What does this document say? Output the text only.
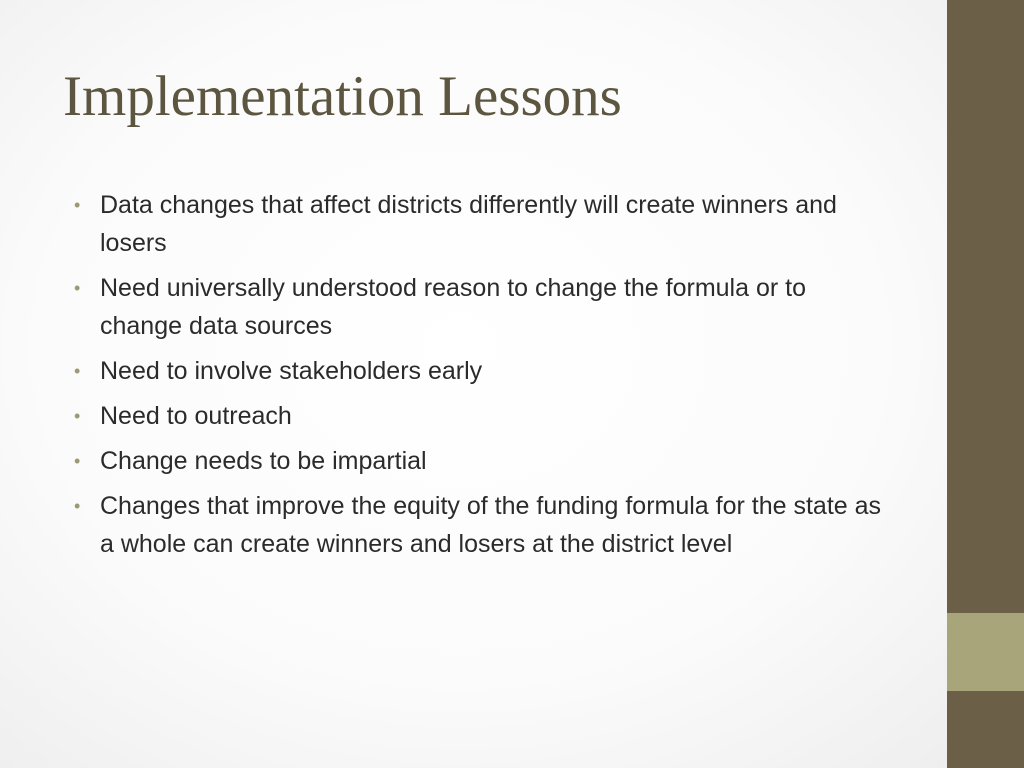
Implementation Lessons
• Data changes that affect districts differently will create winners and losers
• Need universally understood reason to change the formula or to change data sources
• Need to involve stakeholders early
• Need to outreach
• Change needs to be impartial
• Changes that improve the equity of the funding formula for the state as a whole can create winners and losers at the district level
